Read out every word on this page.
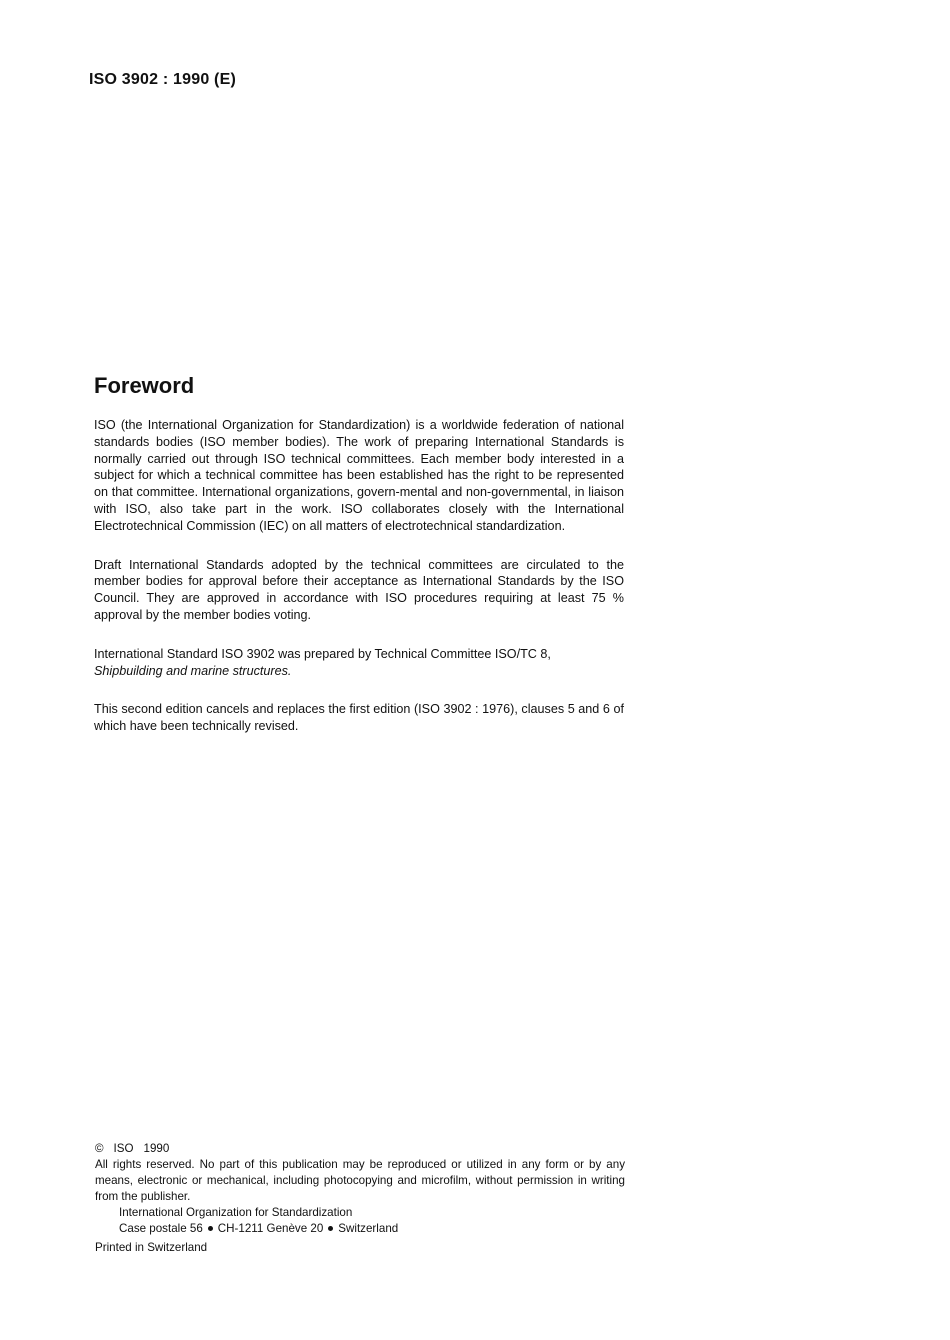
ISO 3902 : 1990 (E)
Foreword

ISO (the International Organization for Standardization) is a worldwide federation of national standards bodies (ISO member bodies). The work of preparing International Standards is normally carried out through ISO technical committees. Each member body interested in a subject for which a technical committee has been established has the right to be represented on that committee. International organizations, govern-mental and non-governmental, in liaison with ISO, also take part in the work. ISO collaborates closely with the International Electrotechnical Commission (IEC) on all matters of electrotechnical standardization.

Draft International Standards adopted by the technical committees are circulated to the member bodies for approval before their acceptance as International Standards by the ISO Council. They are approved in accordance with ISO procedures requiring at least 75 % approval by the member bodies voting.

International Standard ISO 3902 was prepared by Technical Committee ISO/TC 8,
Shipbuilding and marine structures.

This second edition cancels and replaces the first edition (ISO 3902 : 1976), clauses 5 and 6 of which have been technically revised.

© ISO 1990
All rights reserved. No part of this publication may be reproduced or utilized in any form or by any means, electronic or mechanical, including photocopying and microfilm, without permission in writing from the publisher.
International Organization for Standardization
Case postale 56 CH-1211 Genève 20 Switzerland
Printed in Switzerland
